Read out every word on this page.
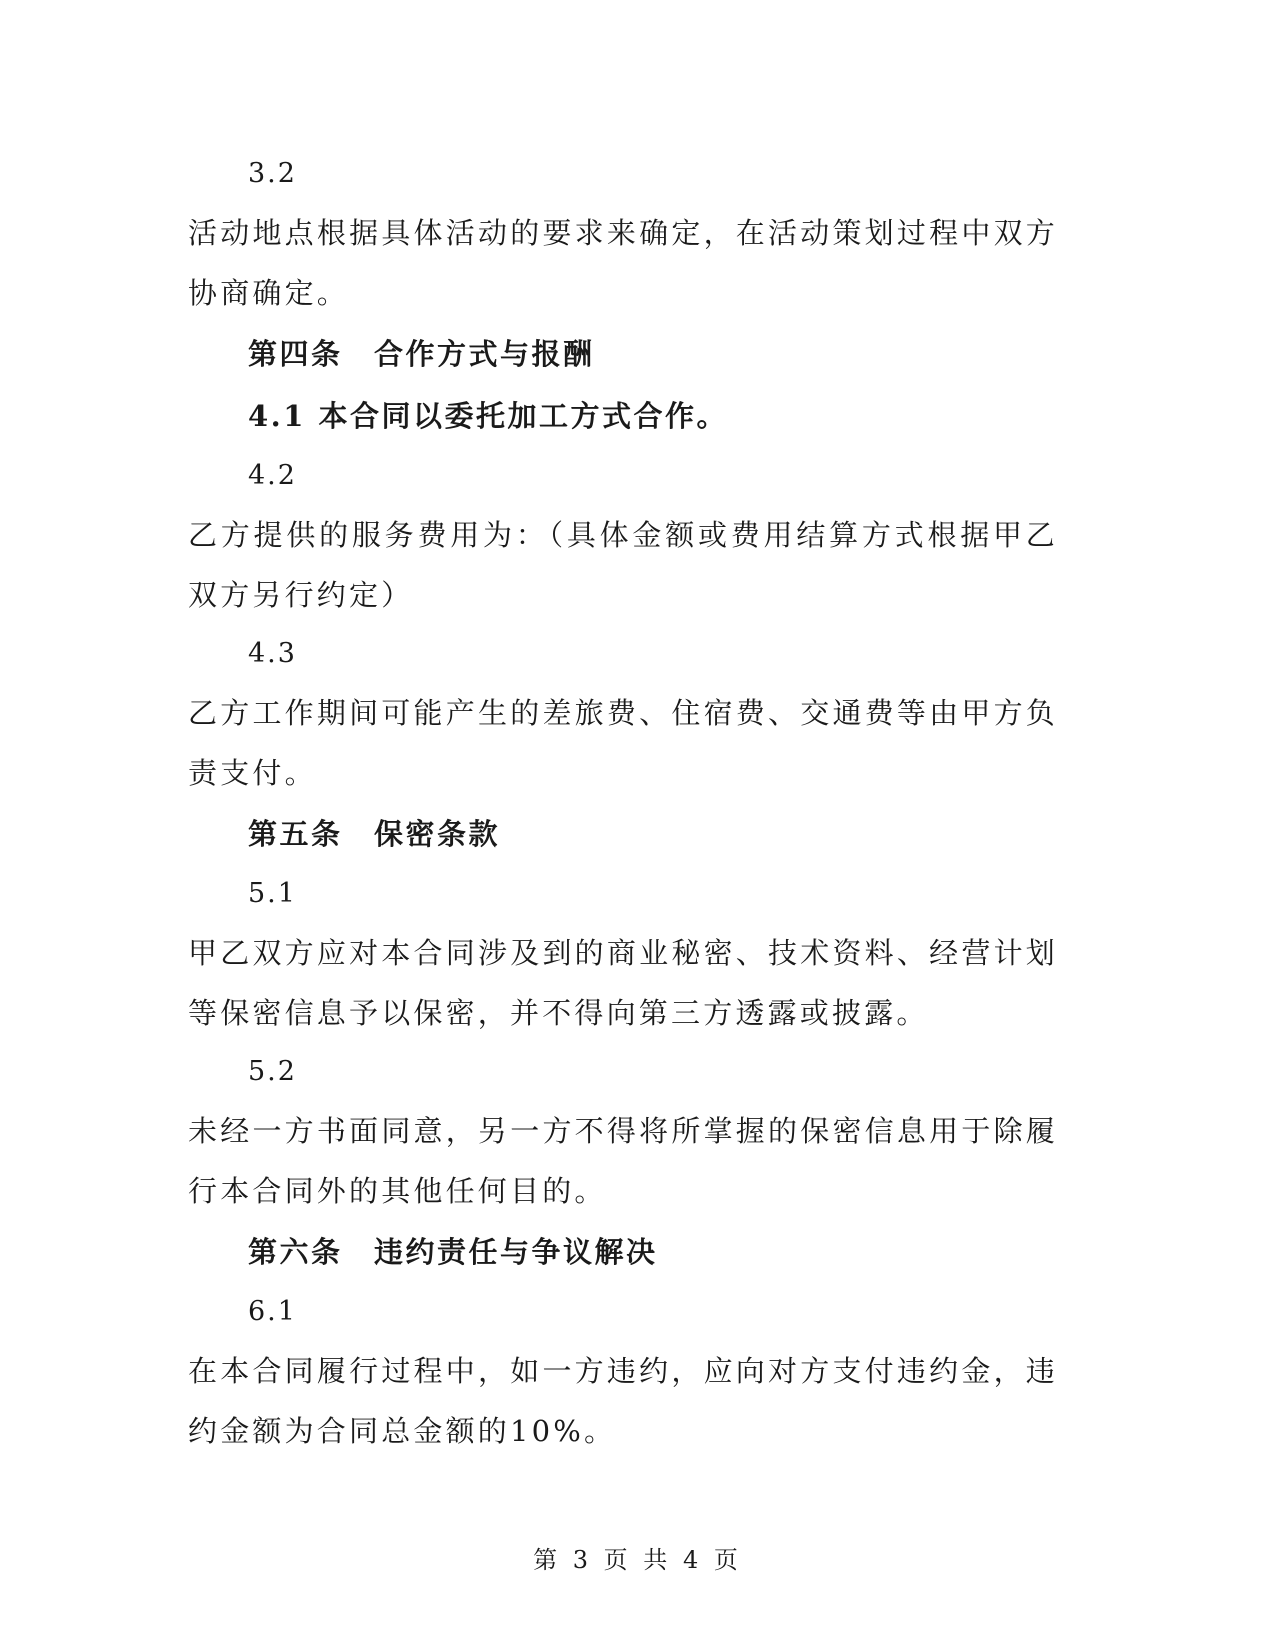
3.2

活动地点根据具体活动的要求来确定，在活动策划过程中双方协商确定。

第四条　合作方式与报酬
4.1 本合同以委托加工方式合作。
4.2

乙方提供的服务费用为：（具体金额或费用结算方式根据甲乙双方另行约定）

4.3

乙方工作期间可能产生的差旅费、住宿费、交通费等由甲方负责支付。

第五条　保密条款
5.1

甲乙双方应对本合同涉及到的商业秘密、技术资料、经营计划等保密信息予以保密，并不得向第三方透露或披露。

5.2

未经一方书面同意，另一方不得将所掌握的保密信息用于除履行本合同外的其他任何目的。

第六条　违约责任与争议解决
6.1

在本合同履行过程中，如一方违约，应向对方支付违约金，违约金额为合同总金额的10%。

第 3 页 共 4 页
